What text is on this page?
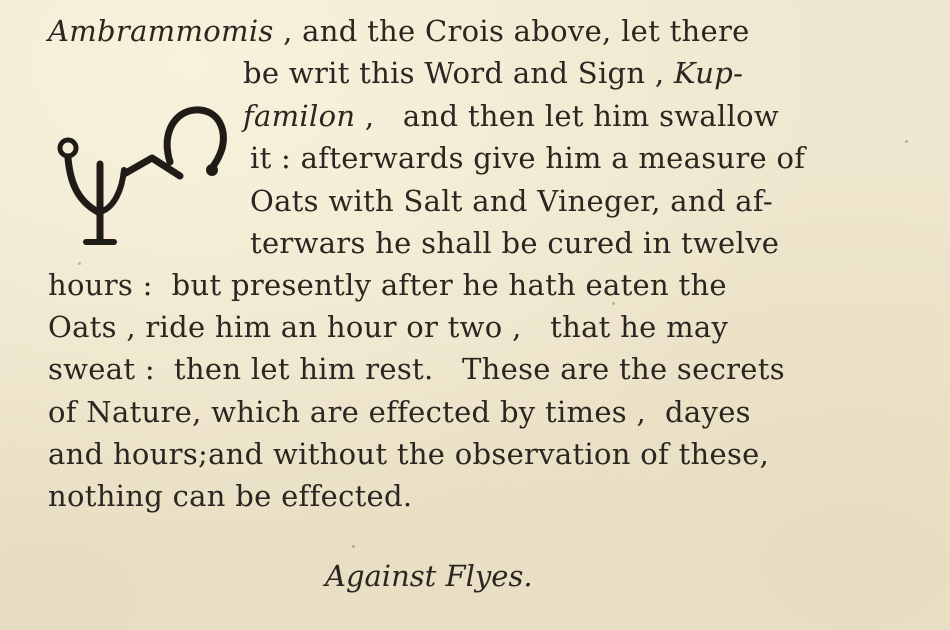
Ambrammomis , and the Crois above, let there
be writ this Word and Sign , Kup-
familon ,   and then let him swallow
it : afterwards give him a measure of
Oats with Salt and Vineger, and af-
terwars he shall be cured in twelve
hours :  but presently after he hath eaten the
Oats , ride him an hour or two ,   that he may
sweat :  then let him rest.   These are the secrets
of Nature, which are effected by times ,  dayes
and hours;and without the observation of these,
nothing can be effected.
Against Flyes.
